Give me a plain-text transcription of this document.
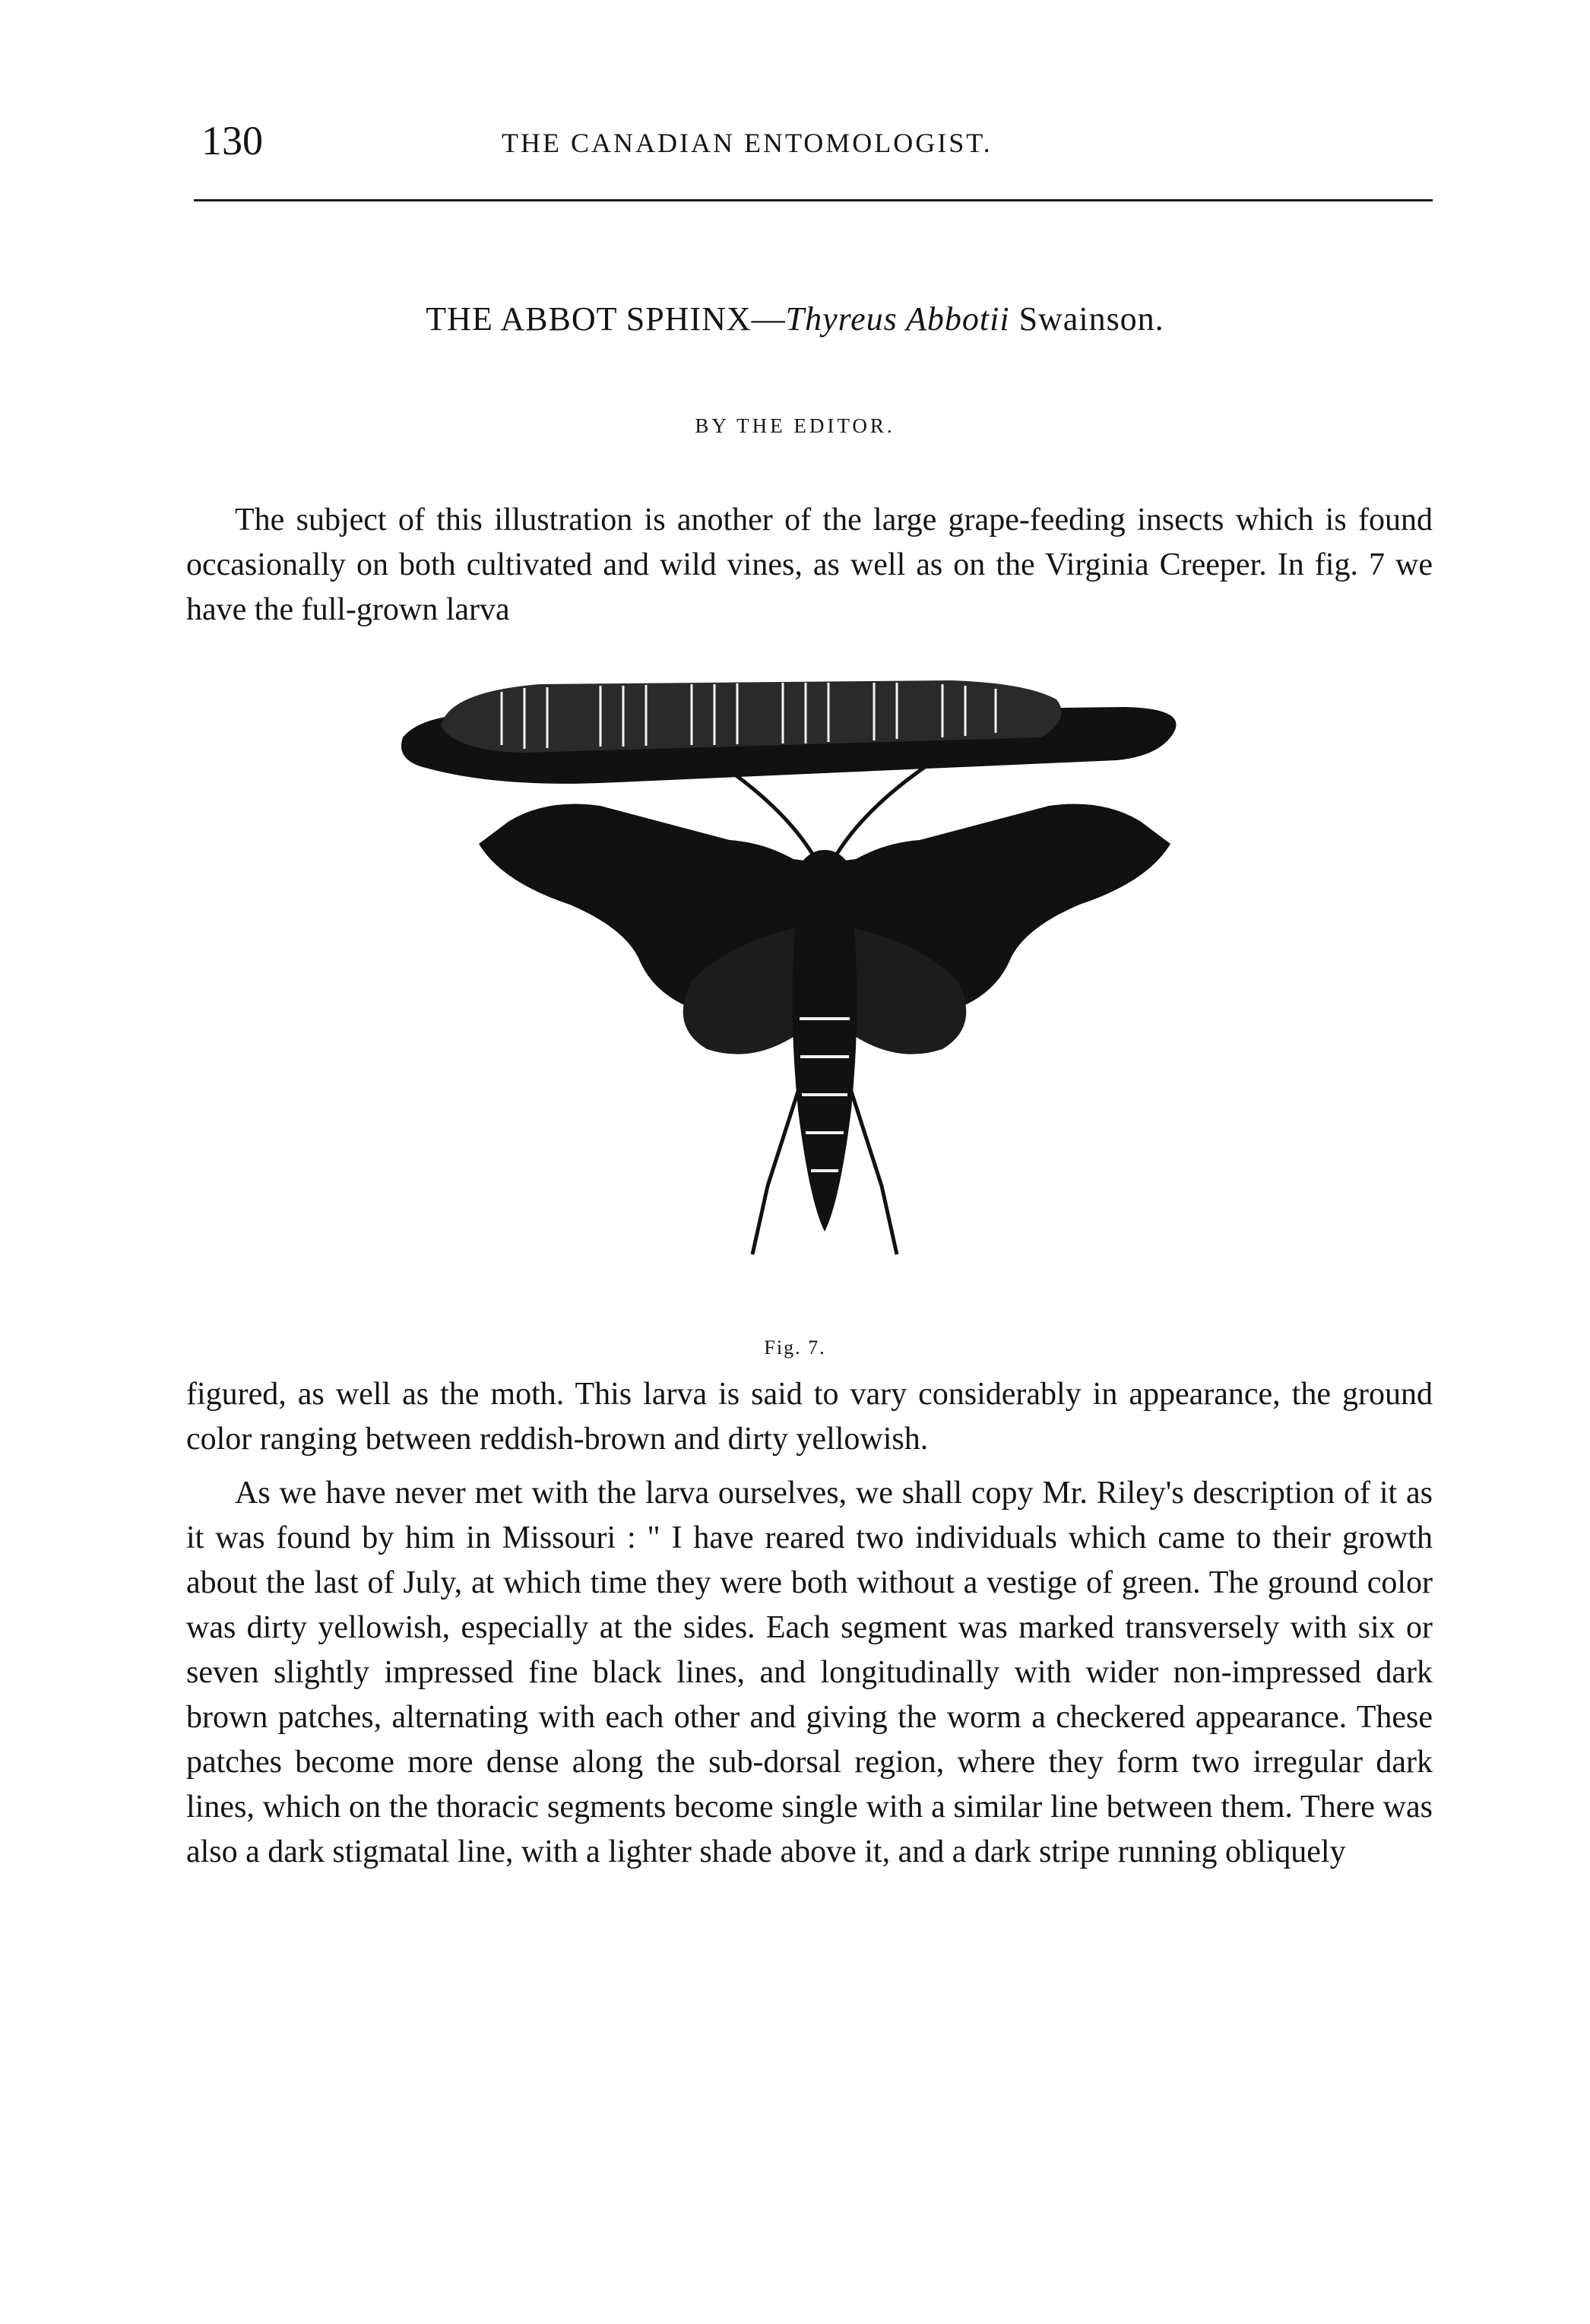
130	THE CANADIAN ENTOMOLOGIST.
THE ABBOT SPHINX—Thyreus Abbotii Swainson.
BY THE EDITOR.

The subject of this illustration is another of the large grape-feeding insects which is found occasionally on both cultivated and wild vines, as well as on the Virginia Creeper. In fig. 7 we have the full-grown larva

Fig. 7.

figured, as well as the moth. This larva is said to vary considerably in appearance, the ground color ranging between reddish-brown and dirty yellowish.

As we have never met with the larva ourselves, we shall copy Mr. Riley's description of it as it was found by him in Missouri : " I have reared two individuals which came to their growth about the last of July, at which time they were both without a vestige of green. The ground color was dirty yellowish, especially at the sides. Each segment was marked transversely with six or seven slightly impressed fine black lines, and longitudinally with wider non-impressed dark brown patches, alternating with each other and giving the worm a checkered appearance. These patches become more dense along the sub-dorsal region, where they form two irregular dark lines, which on the thoracic segments become single with a similar line between them. There was also a dark stigmatal line, with a lighter shade above it, and a dark stripe running obliquely
